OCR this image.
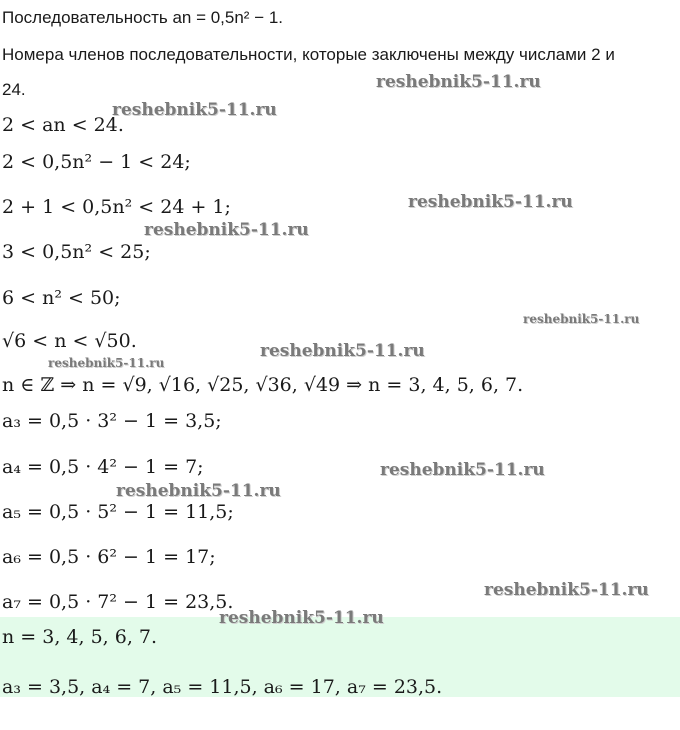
Последовательность an = 0,5n² − 1.
Номера членов последовательности, которые заключены между числами 2 и
24.
2 < an < 24.
2 < 0,5n² − 1 < 24;
2 + 1 < 0,5n² < 24 + 1;
3 < 0,5n² < 25;
6 < n² < 50;
√6 < n < √50.
n ∈ ℤ ⇒ n = √9, √16, √25, √36, √49 ⇒ n = 3, 4, 5, 6, 7.
a₃ = 0,5 · 3² − 1 = 3,5;
a₄ = 0,5 · 4² − 1 = 7;
a₅ = 0,5 · 5² − 1 = 11,5;
a₆ = 0,5 · 6² − 1 = 17;
a₇ = 0,5 · 7² − 1 = 23,5.
n = 3, 4, 5, 6, 7.
a₃ = 3,5, a₄ = 7, a₅ = 11,5, a₆ = 17, a₇ = 23,5.
reshebnik5-11.ru
reshebnik5-11.ru
reshebnik5-11.ru
reshebnik5-11.ru
reshebnik5-11.ru
reshebnik5-11.ru
reshebnik5-11.ru
reshebnik5-11.ru
reshebnik5-11.ru
reshebnik5-11.ru
reshebnik5-11.ru
